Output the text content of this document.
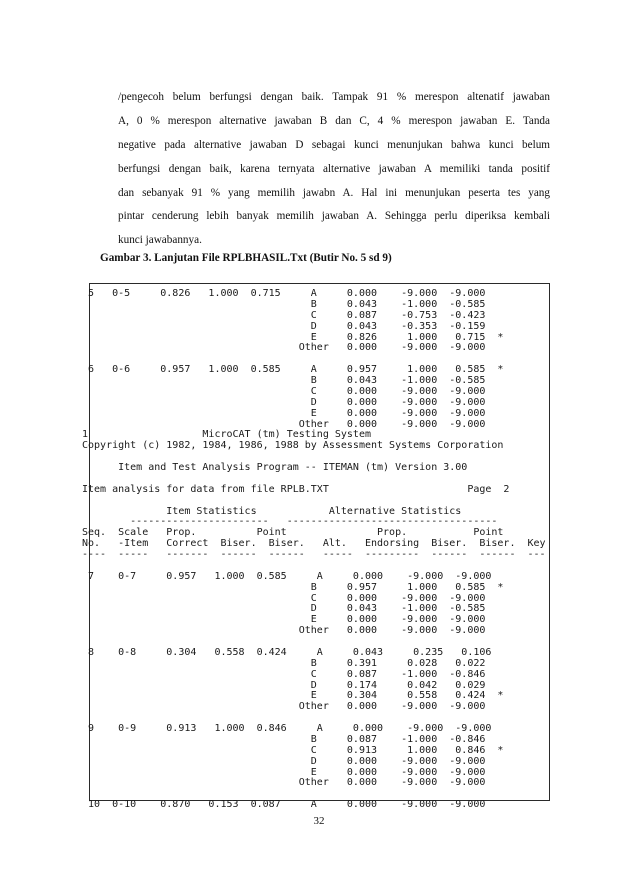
/pengecoh belum berfungsi dengan baik. Tampak 91 % merespon altenatif jawaban
A, 0 % merespon alternative jawaban B dan C, 4 % merespon jawaban E. Tanda
negative pada alternative jawaban D sebagai kunci menunjukan bahwa kunci belum
berfungsi dengan baik, karena ternyata alternative jawaban A memiliki tanda positif
dan sebanyak 91 % yang memilih jawabn A. Hal ini menunjukan peserta tes yang
pintar cenderung lebih banyak memilih jawaban A. Sehingga perlu diperiksa kembali
kunci jawabannya.
Gambar 3. Lanjutan File RPLBHASIL.Txt (Butir No. 5 sd 9)
5   0-5     0.826   1.000  0.715     A     0.000    -9.000  -9.000
B     0.043    -1.000  -0.585
C     0.087    -0.753  -0.423
D     0.043    -0.353  -0.159
E     0.826     1.000   0.715  *
Other   0.000    -9.000  -9.000

6   0-6     0.957   1.000  0.585     A     0.957     1.000   0.585  *
B     0.043    -1.000  -0.585
C     0.000    -9.000  -9.000
D     0.000    -9.000  -9.000
E     0.000    -9.000  -9.000
Other   0.000    -9.000  -9.000
1                   MicroCAT (tm) Testing System
Copyright (c) 1982, 1984, 1986, 1988 by Assessment Systems Corporation

Item and Test Analysis Program -- ITEMAN (tm) Version 3.00

Item analysis for data from file RPLB.TXT                       Page  2

Item Statistics            Alternative Statistics
-----------------------   -----------------------------------
Seq.  Scale   Prop.          Point               Prop.           Point
No.   -Item   Correct  Biser.  Biser.   Alt.   Endorsing  Biser.  Biser.  Key
----  -----   -------  ------  ------   -----  ---------  ------  ------  ---

7    0-7     0.957   1.000  0.585     A     0.000    -9.000  -9.000
B     0.957     1.000   0.585  *
C     0.000    -9.000  -9.000
D     0.043    -1.000  -0.585
E     0.000    -9.000  -9.000
Other   0.000    -9.000  -9.000

8    0-8     0.304   0.558  0.424     A     0.043     0.235   0.106
B     0.391     0.028   0.022
C     0.087    -1.000  -0.846
D     0.174     0.042   0.029
E     0.304     0.558   0.424  *
Other   0.000    -9.000  -9.000

9    0-9     0.913   1.000  0.846     A     0.000    -9.000  -9.000
B     0.087    -1.000  -0.846
C     0.913     1.000   0.846  *
D     0.000    -9.000  -9.000
E     0.000    -9.000  -9.000
Other   0.000    -9.000  -9.000

10  0-10    0.870   0.153  0.087     A     0.000    -9.000  -9.000

32
